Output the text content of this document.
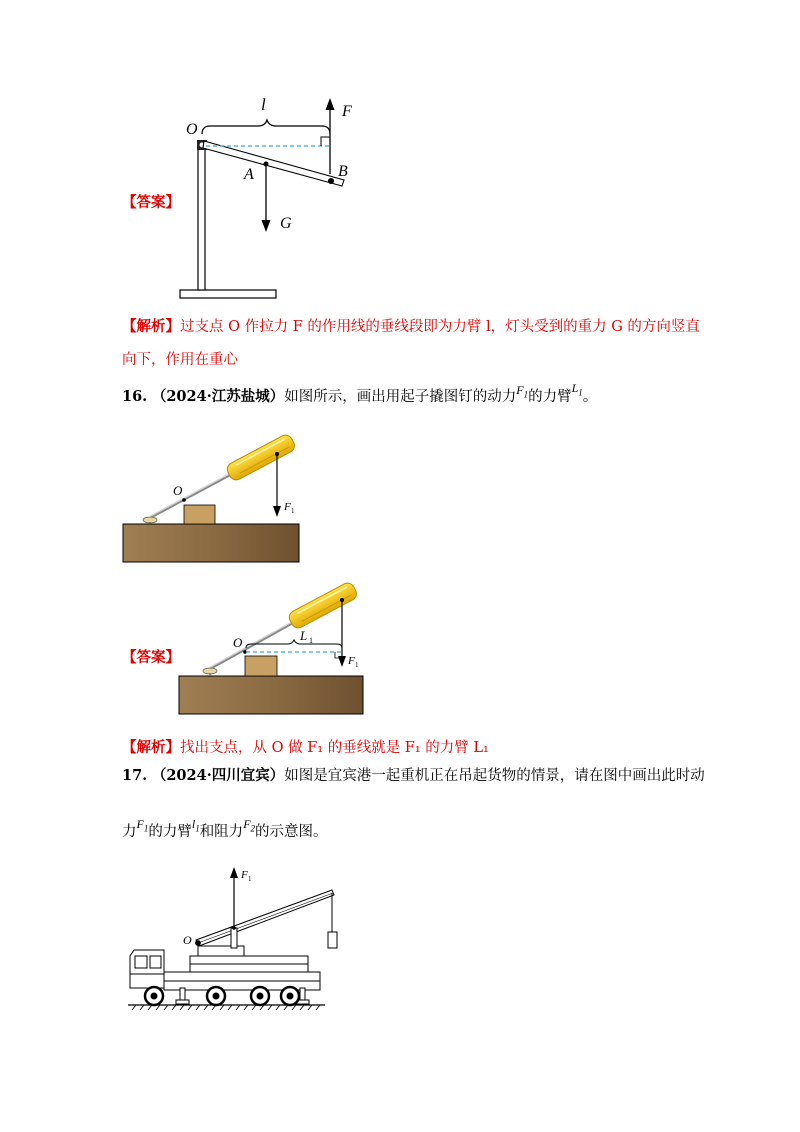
l	F
O
A	B
G
【答案】
【解析】过支点 O 作拉力 F 的作用线的垂线段即为力臂 l，灯头受到的重力 G 的方向竖直
向下，作用在重心
16. （2024·江苏盐城）如图所示，画出用起子撬图钉的动力$^{F_1}$的力臂$^{L_1}$。
O
F 1
O	L 1
F 1
【答案】
【解析】找出支点，从 O 做 F₁ 的垂线就是 F₁ 的力臂 L₁
17. （2024·四川宜宾）如图是宜宾港一起重机正在吊起货物的情景，请在图中画出此时动
力$^{F_1}$的力臂$^{l_1}$和阻力$^{F_2}$的示意图。
F 1
O
